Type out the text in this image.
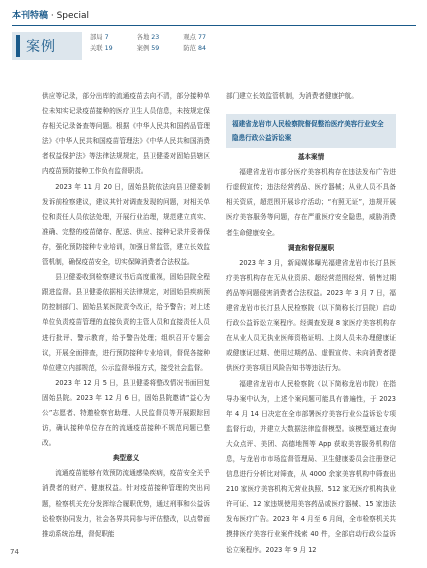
本刊特稿 · Special
案例
部局 7	各地 23	观点 77
关联 19	案例 59	防范 84

供应等记录，部分出库的流通疫苗去向不清，部分接种单位未知实记录疫苗接种的医疗卫生人员信息，未按规定保存相关记录备查等问题。根据《中华人民共和国药品管理法》《中华人民共和国疫苗管理法》《中华人民共和国消费者权益保护法》等法律法规规定，县卫健委对固始县辖区内疫苗预防接种工作负有监督职责。

2023 年 11 月 20 日，固始县院依法向县卫健委制发诉前检察建议，建议其针对调查发现的问题，对相关单位和责任人员依法处理，开展行业治理，规范建立真实、准确、完整的疫苗储存、配送、供应、接种记录并妥善保存，强化预防接种专业培训，加强日常监管，建立长效监管机制，确保疫苗安全，切实保障消费者合法权益。

县卫健委收到检察建议书后高度重视，固始县院全程跟进监督。县卫健委依据相关法律规定，对固始县疾病预防控制部门、固始县某医院责令改正，给予警告；对上述单位负责疫苗管理的直接负责的主管人员和直接责任人员进行批评、警示教育，给予警告处理；组织召开专题会议，开展全面排查，进行预防接种专业培训，督促各接种单位建立内部规范，公示监督举报方式，接受社会监督。

2023 年 12 月 5 日，县卫健委将整改情况书面回复固始县院。2023 年 12 月 6 日，固始县院邀请“益心为公”志愿者、特邀检察官助理、人民监督员等开展跟踪回访，确认接种单位存在的流通疫苗接种不规范问题已整改。

典型意义

流通疫苗能够有效预防流通感染疾病，疫苗安全关乎消费者的财产、健康权益。针对疫苗接种管理的突出问题，检察机关充分发挥综合履职优势，通过刑事和公益诉讼检察协同发力，社会各界共同参与评估整改，以点带面推动系统治理，督促职能

部门建立长效监管机制，为消费者健康护航。

福建省龙岩市人民检察院督促整治医疗美容行业安全隐患行政公益诉讼案

基本案情

福建省龙岩市部分医疗美容机构存在违法发布广告进行虚假宣传；违法经营药品、医疗器械；从业人员不具备相关资质，超范围开展诊疗活动；“有照无证”，违规开展医疗美容服务等问题，存在严重医疗安全隐患，威胁消费者生命健康安全。

调查和督促履职

2023 年 3 月，新闻媒体曝光福建省龙岩市长汀县医疗美容机构存在无从业资质、超经营范围经营、销售过期药品等问题侵害消费者合法权益。2023 年 3 月 7 日，福建省龙岩市长汀县人民检察院（以下简称长汀县院）启动行政公益诉讼立案程序。经调查发现 8 家医疗美容机构存在从业人员无执业医师资格证明、上岗人员未办理健康证或健康证过期、使用过期药品、虚假宣传、未向消费者提供医疗美容项目风险告知书等违法行为。

福建省龙岩市人民检察院（以下简称龙岩市院）在指导办案中认为，上述个案问题可能具有普遍性，于 2023 年 4 月 14 日决定在全市部署医疗美容行业公益诉讼专项监督行动，并建立大数据法律监督模型。该模型通过查询大众点评、美团、高德地图等 App 获取美容服务机构信息，与龙岩市市场监督管理局、卫生健康委员会注册登记信息进行分析比对筛查，从 4000 余家美容机构中筛查出 210 家医疗美容机构无营业执照、512 家无医疗机构执业许可证、12 家违规使用美容药品或医疗器械、15 家违法发布医疗广告。2023 年 4 月至 6 月间，全市检察机关共摸排医疗美容行业案件线索 40 件，全部启动行政公益诉讼立案程序。2023 年 9 月 12

74
